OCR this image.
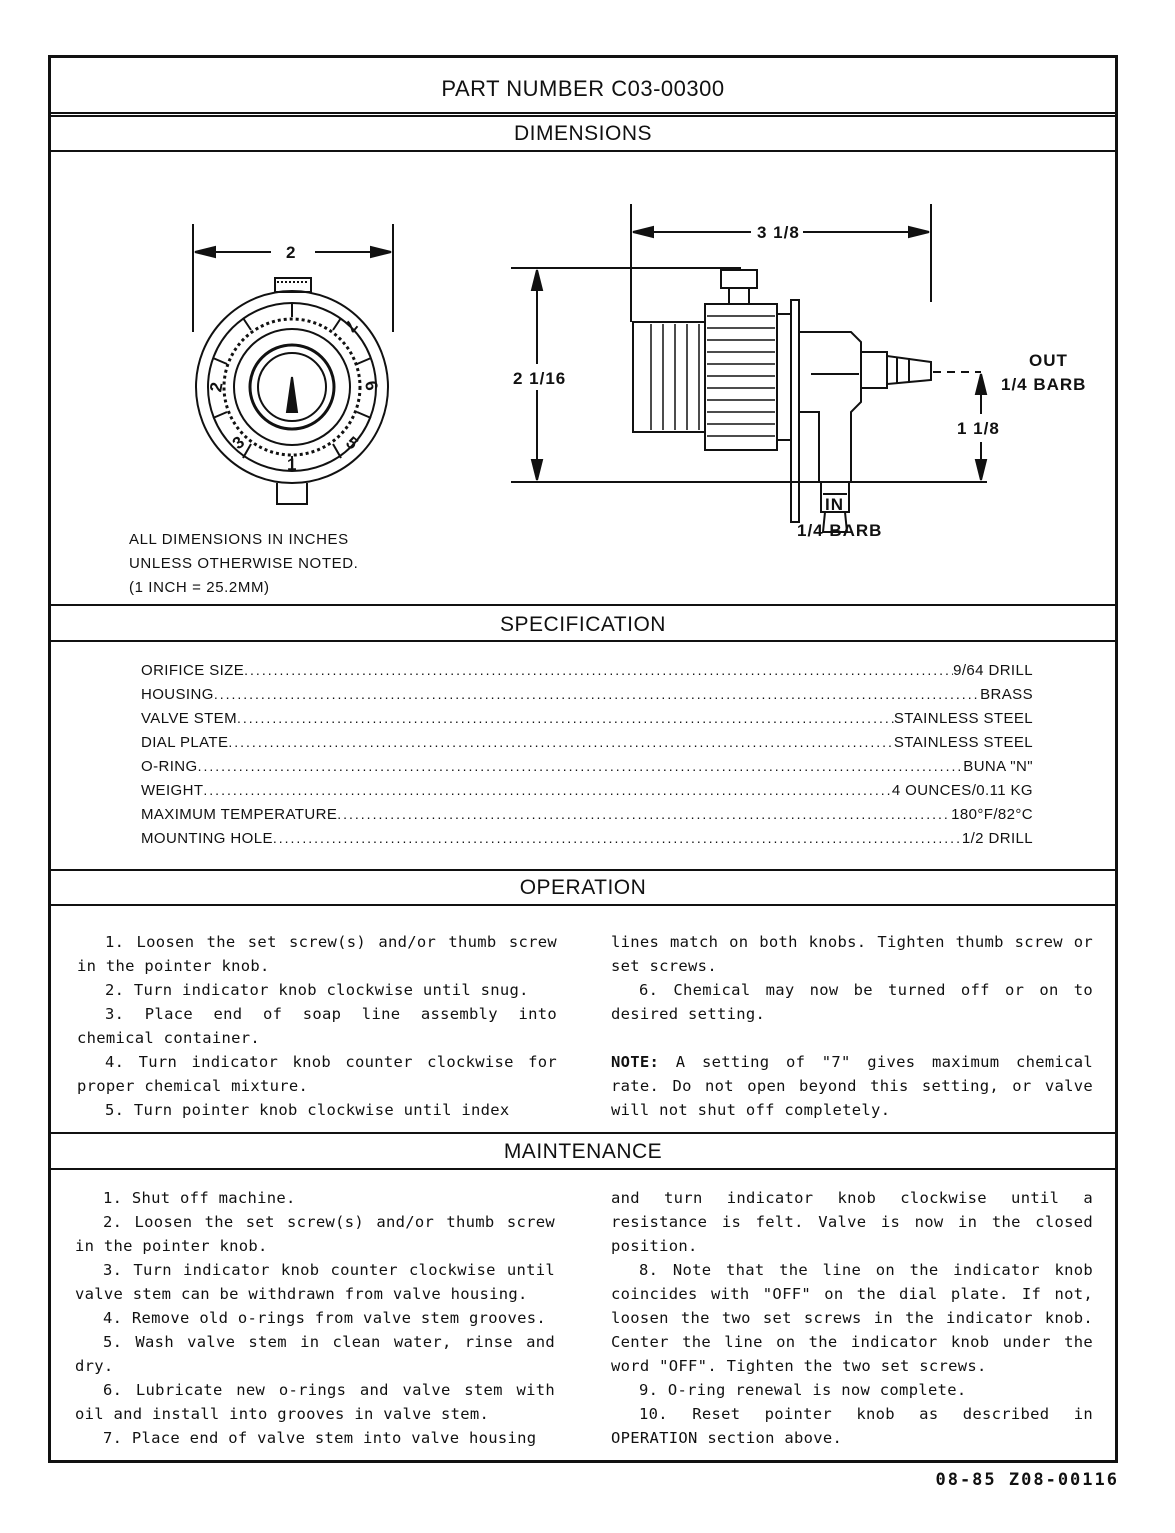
PART NUMBER C03-00300
DIMENSIONS
2
3 1/8
2 1/16
1 1/8
OUT
1/4 BARB
IN
1/4 BARB
2
3
1
5
6
7
ALL DIMENSIONS IN INCHES
UNLESS OTHERWISE NOTED.
(1 INCH = 25.2MM)
SPECIFICATION
ORIFICE SIZE .....	9/64 DRILL
HOUSING .....	BRASS
VALVE STEM .....	STAINLESS STEEL
DIAL PLATE .....	STAINLESS STEEL
O-RING .....	BUNA "N"
WEIGHT .....	4 OUNCES/0.11 KG
MAXIMUM TEMPERATURE .....	180°F/82°C
MOUNTING HOLE .....	1/2 DRILL
OPERATION

1. Loosen the set screw(s) and/or thumb screw in the pointer knob.

2. Turn indicator knob clockwise until snug.

3. Place end of soap line assembly into chemical container.

4. Turn indicator knob counter clockwise for proper chemical mixture.

5. Turn pointer knob clockwise until index

lines match on both knobs. Tighten thumb screw or set screws.

6. Chemical may now be turned off or on to desired setting.

NOTE: A setting of "7" gives maximum chemical rate. Do not open beyond this setting, or valve will not shut off completely.

MAINTENANCE

1. Shut off machine.

2. Loosen the set screw(s) and/or thumb screw in the pointer knob.

3. Turn indicator knob counter clockwise until valve stem can be withdrawn from valve housing.

4. Remove old o-rings from valve stem grooves.

5. Wash valve stem in clean water, rinse and dry.

6. Lubricate new o-rings and valve stem with oil and install into grooves in valve stem.

7. Place end of valve stem into valve housing

and turn indicator knob clockwise until a resistance is felt. Valve is now in the closed position.

8. Note that the line on the indicator knob coincides with "OFF" on the dial plate. If not, loosen the two set screws in the indicator knob. Center the line on the indicator knob under the word "OFF". Tighten the two set screws.

9. O-ring renewal is now complete.

10. Reset pointer knob as described in OPERATION section above.

08-85 Z08-00116
